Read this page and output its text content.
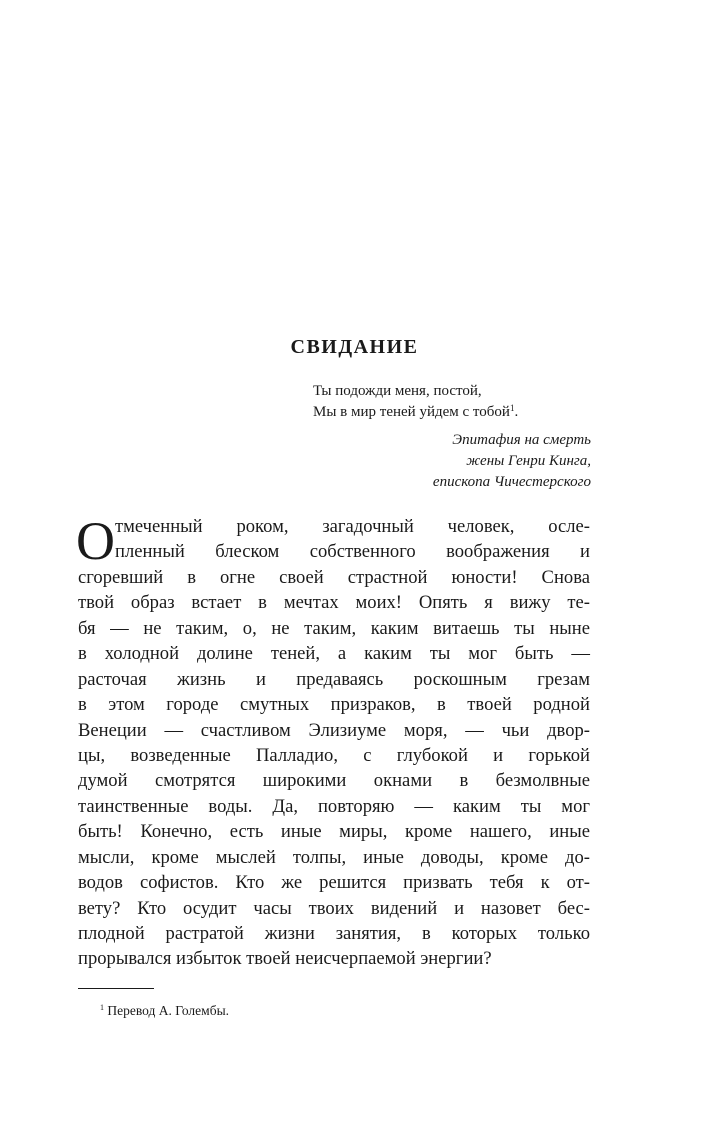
СВИДАНИЕ
Ты подожди меня, постой,
Мы в мир теней уйдем с тобой$^1$.
Эпитафия на смерть
жены Генри Кинга,
епископа Чичестерского
О тмеченный роком, загадочный человек, осле-
пленный блеском собственного воображения и
сгоревший в огне своей страстной юности! Снова
твой образ встает в мечтах моих! Опять я вижу те-
бя — не таким, о, не таким, каким витаешь ты ныне
в холодной долине теней, а каким ты мог быть —
расточая жизнь и предаваясь роскошным грезам
в этом городе смутных призраков, в твоей родной
Венеции — счастливом Элизиуме моря, — чьи двор-
цы, возведенные Палладио, с глубокой и горькой
думой смотрятся широкими окнами в безмолвные
таинственные воды. Да, повторяю — каким ты мог
быть! Конечно, есть иные миры, кроме нашего, иные
мысли, кроме мыслей толпы, иные доводы, кроме до-
водов софистов. Кто же решится призвать тебя к от-
вету? Кто осудит часы твоих видений и назовет бес-
плодной растратой жизни занятия, в которых только
прорывался избыток твоей неисчерпаемой энергии?
$^1$ Перевод А. Голембы.
